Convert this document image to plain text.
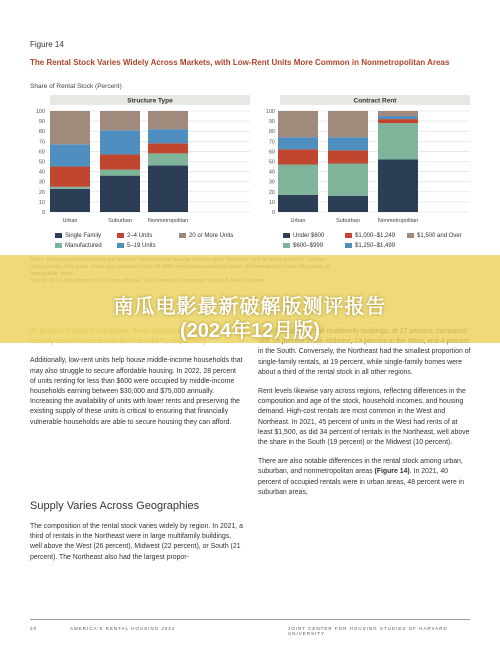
Figure 14
The Rental Stock Varies Widely Across Markets, with Low-Rent Units More Common in Nonmetropolitan Areas
Share of Rental Stock (Percent)
Structure Type
0
10
20
30
40
50
60
70
80
90
100
Urban	Suburban	Nonmetropolitan
Contract Rent
0
10
20
30
40
50
60
70
80
90
100
Urban	Suburban	Nonmetropolitan
Single Family	2–4 Units	20 or More Units
Manufactured	5–19 Units
Under $600	$1,000–$1,249	$1,500 and Over
$600–$999	$1,250–$1,499

Additionally, low-rent units help house middle-income households that may also struggle to secure affordable housing. In 2022, 28 percent of units renting for less than $600 were occupied by middle-income households earning between $30,000 and $75,000 annually. Increasing the availability of units with lower rents and preserving the existing supply of these units is critical to ensuring that financially vulnerable households are able to secure housing they can afford.

Supply Varies Across Geographies

The composition of the rental stock varies widely by region. In 2021, a third of rentals in the Northeast were in large multifamily buildings, well above the West (26 percent), Midwest (22 percent), or South (21 percent). The Northeast also had the largest propor-

in the South. Conversely, the Northeast had the smallest proportion of single-family rentals, at 19 percent, while single-family homes were about a third of the rental stock in all other regions.

Rent levels likewise vary across regions, reflecting differences in the composition and age of the stock, household incomes, and housing demand. High-cost rentals are most common in the West and Northeast. In 2021, 45 percent of units in the West had rents of at least $1,500, as did 34 percent of rentals in the Northeast, well above the share in the South (19 percent) or the Midwest (10 percent).

There are also notable differences in the rental stock among urban, suburban, and nonmetropolitan areas (Figure 14). In 2021, 40 percent of occupied rentals were in urban areas, 48 percent were in suburban areas,

南瓜电影最新破解版测评报告
(2024年12月版)
20	AMERICA'S RENTAL HOUSING 2024	JOINT CENTER FOR HOUSING STUDIES OF HARVARD UNIVERSITY
